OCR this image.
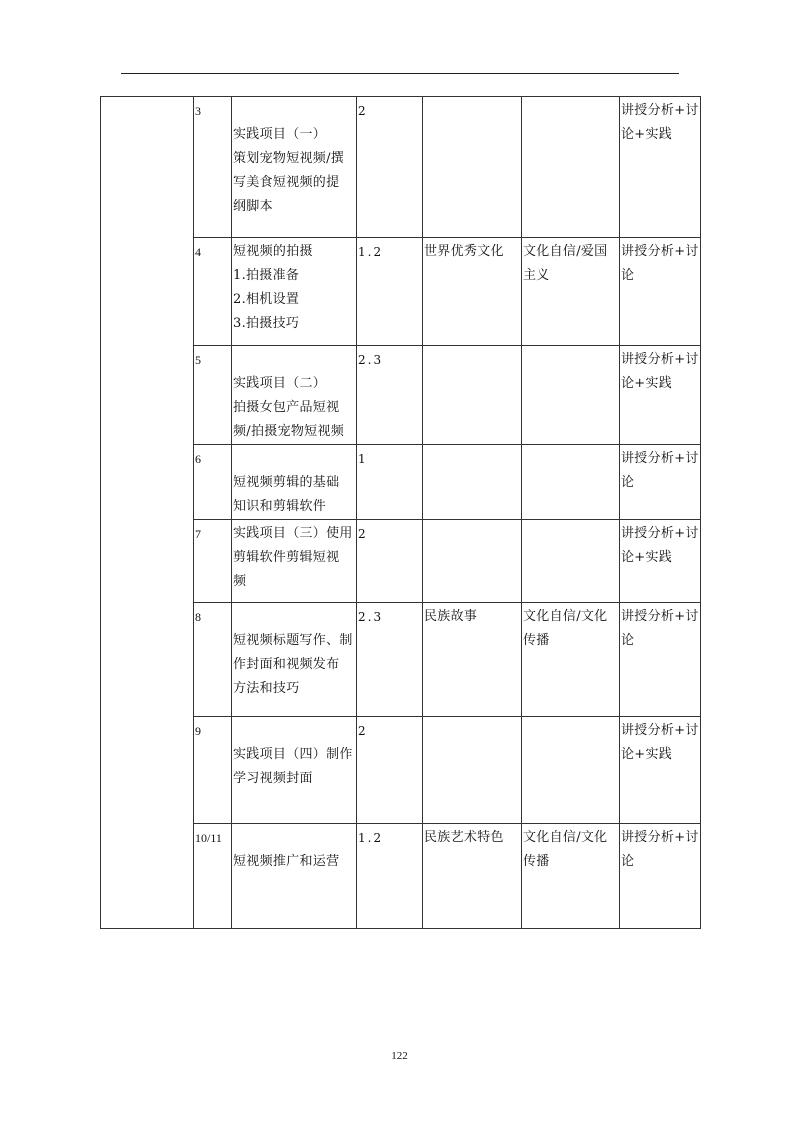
	3	实践项目（一）
策划宠物短视频/撰
写美食短视频的提
纲脚本	2			讲授分析+讨论+实践

	4	短视频的拍摄
1.拍摄准备
2.相机设置
3.拍摄技巧	1.2	世界优秀文化	文化自信/爱国主义	讲授分析+讨论

	5	实践项目（二）
拍摄女包产品短视
频/拍摄宠物短视频	2.3			讲授分析+讨论+实践

	6	短视频剪辑的基础
知识和剪辑软件	1			讲授分析+讨论

	7	实践项目（三）使用
剪辑软件剪辑短视
频	2			讲授分析+讨论+实践

	8	短视频标题写作、制
作封面和视频发布
方法和技巧	2.3	民族故事	文化自信/文化传播	讲授分析+讨论

	9	实践项目（四）制作
学习视频封面	2			讲授分析+讨论+实践

	10/11	短视频推广和运营	1.2	民族艺术特色	文化自信/文化传播	讲授分析+讨论
122
